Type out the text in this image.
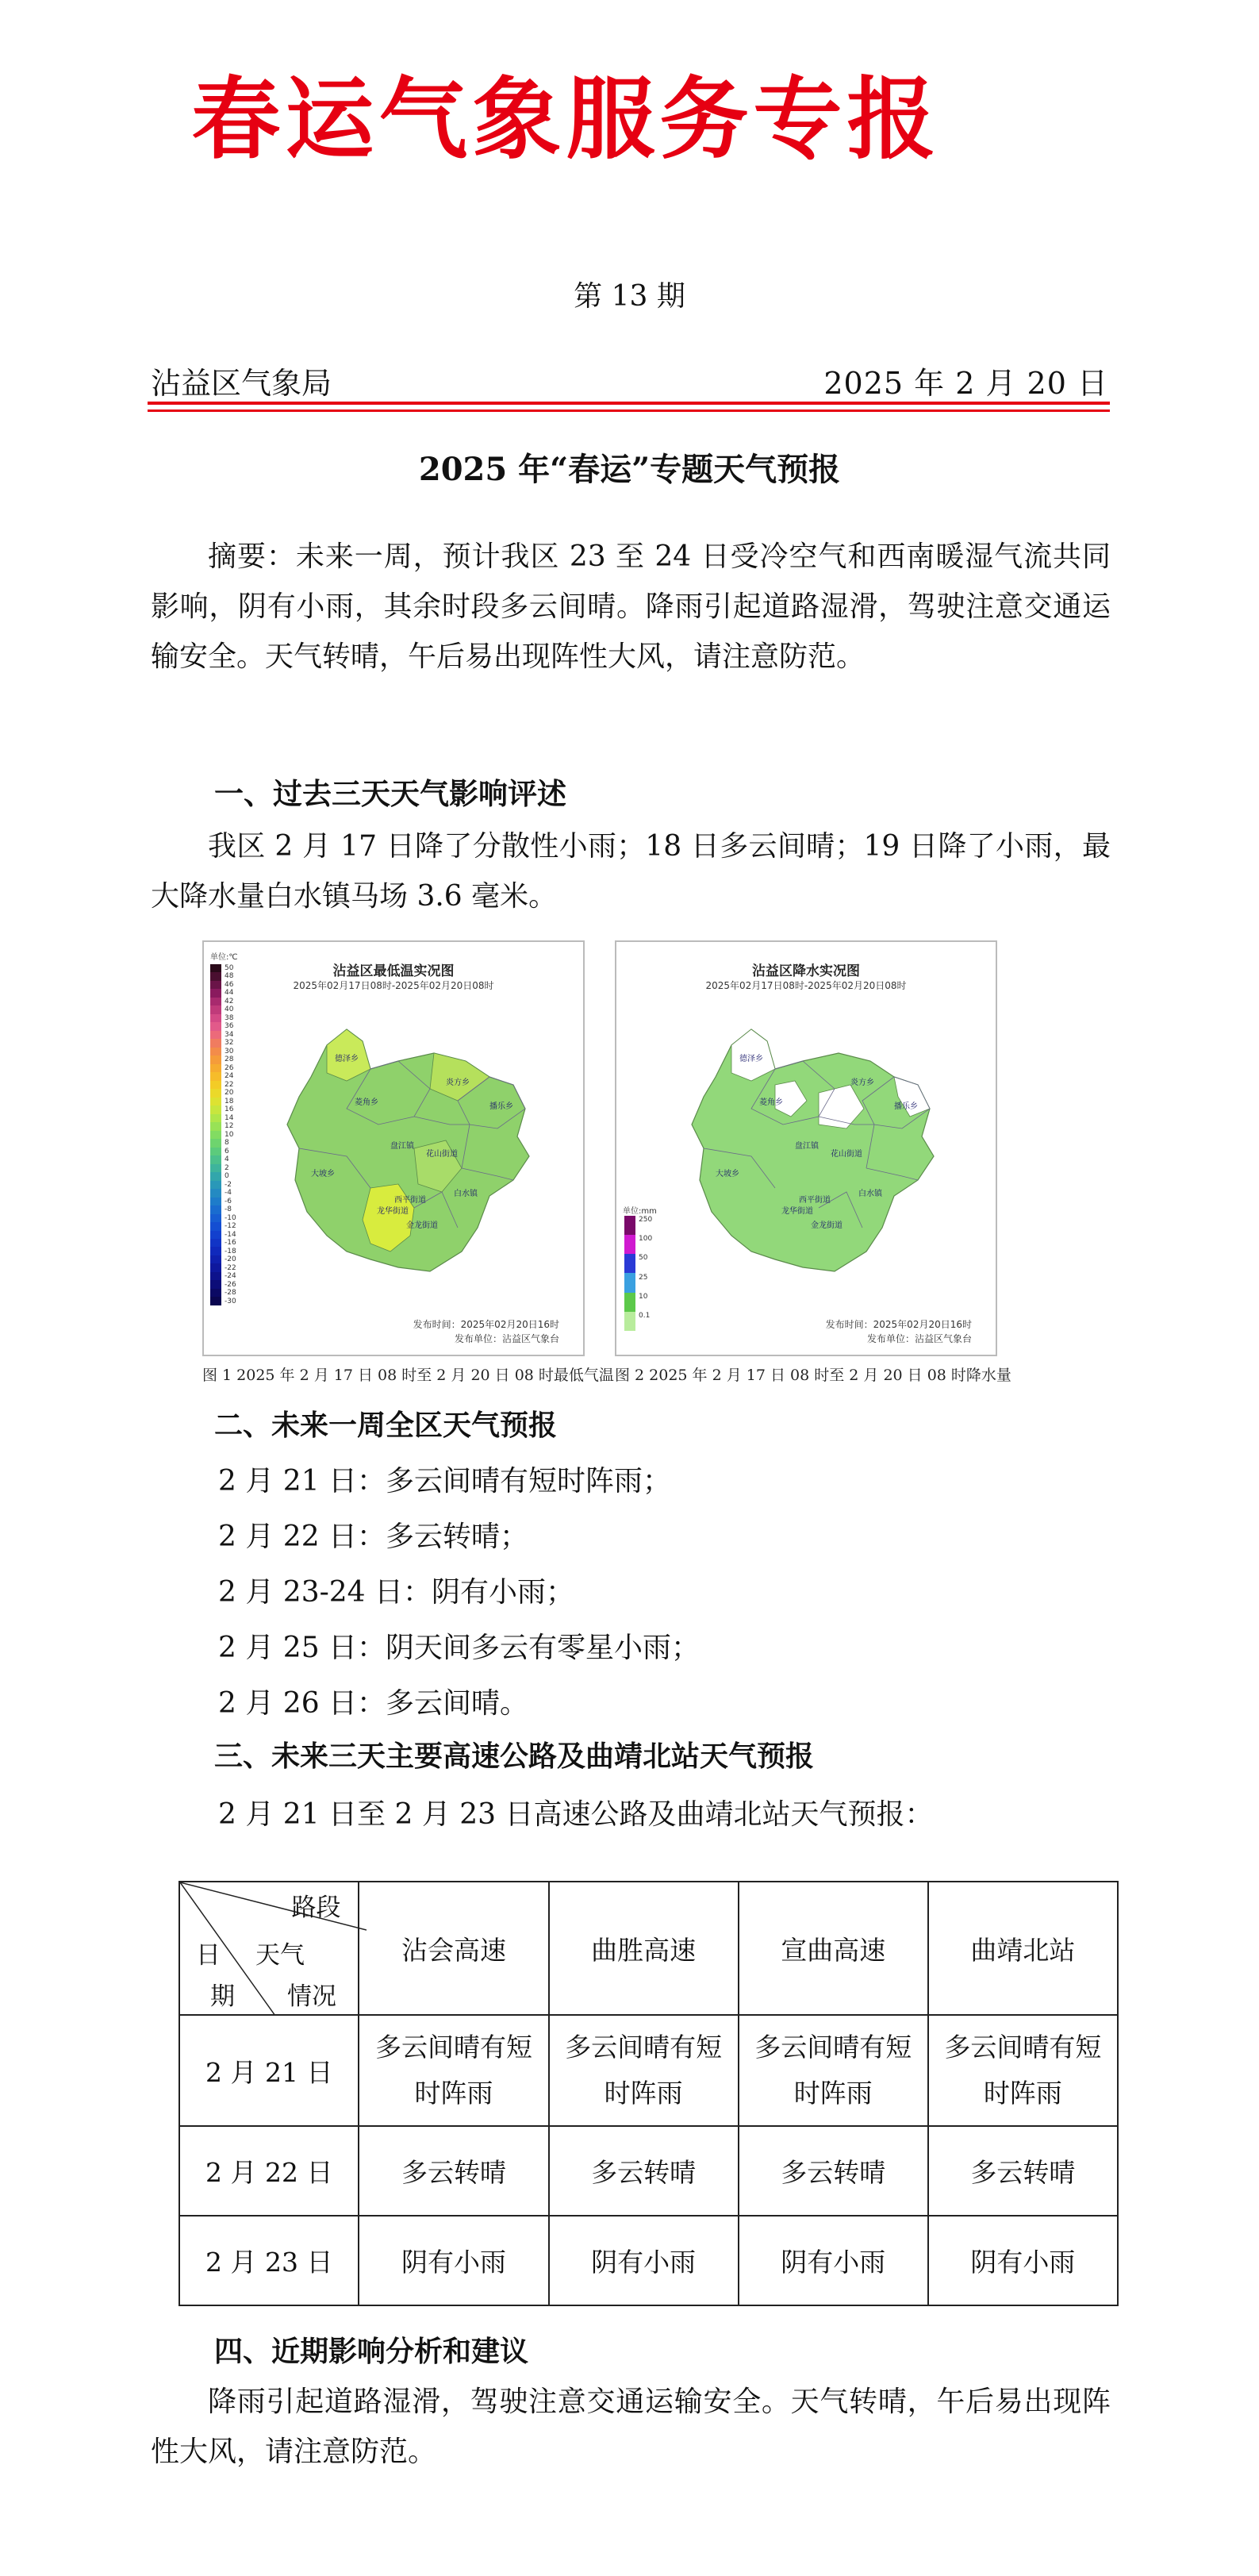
春运气象服务专报
第 13 期
沾益区气象局	2025 年 2 月 20 日
2025 年“春运”专题天气预报
摘要：未来一周，预计我区 23 至 24 日受冷空气和西南暖湿气流共同影响，阴有小雨，其余时段多云间晴。降雨引起道路湿滑，驾驶注意交通运输安全。天气转晴，午后易出现阵性大风，请注意防范。
一、过去三天天气影响评述
我区 2 月 17 日降了分散性小雨；18 日多云间晴；19 日降了小雨，最大降水量白水镇马场 3.6 毫米。
沾益区最低温实况图
2025年02月17日08时-2025年02月20日08时
单位:℃
50
48
46
44
42
40
38
36
34
32
30
28
26
24
22
20
18
16
14
12
10
8
6
4
2
0
-2
-4
-6
-8
-10
-12
-14
-16
-18
-20
-22
-24
-26
-28
-30
德泽乡
菱角乡
炎方乡
播乐乡
盘江镇
花山街道
大坡乡
西平街道
龙华街道
白水镇
金龙街道
发布时间：2025年02月20日16时
发布单位：沾益区气象台
图 1 2025 年 2 月 17 日 08 时至 2 月 20 日 08 时最低气温
沾益区降水实况图
2025年02月17日08时-2025年02月20日08时
单位:mm
250
100
50
25
10
0.1
德泽乡
菱角乡
炎方乡
播乐乡
盘江镇
花山街道
大坡乡
西平街道
龙华街道
白水镇
金龙街道
发布时间：2025年02月20日16时
发布单位：沾益区气象台
图 2 2025 年 2 月 17 日 08 时至 2 月 20 日 08 时降水量
二、未来一周全区天气预报
2 月 21 日：多云间晴有短时阵雨；
2 月 22 日：多云转晴；
2 月 23-24 日：阴有小雨；
2 月 25 日：阴天间多云有零星小雨；
2 月 26 日：多云间晴。
三、未来三天主要高速公路及曲靖北站天气预报
2 月 21 日至 2 月 23 日高速公路及曲靖北站天气预报：
路段
天气
情况
日
期	沾会高速	曲胜高速	宣曲高速	曲靖北站
2 月 21 日	多云间晴有短时阵雨	多云间晴有短时阵雨	多云间晴有短时阵雨	多云间晴有短时阵雨
2 月 22 日	多云转晴	多云转晴	多云转晴	多云转晴
2 月 23 日	阴有小雨	阴有小雨	阴有小雨	阴有小雨
四、近期影响分析和建议
降雨引起道路湿滑，驾驶注意交通运输安全。天气转晴，午后易出现阵性大风，请注意防范。
